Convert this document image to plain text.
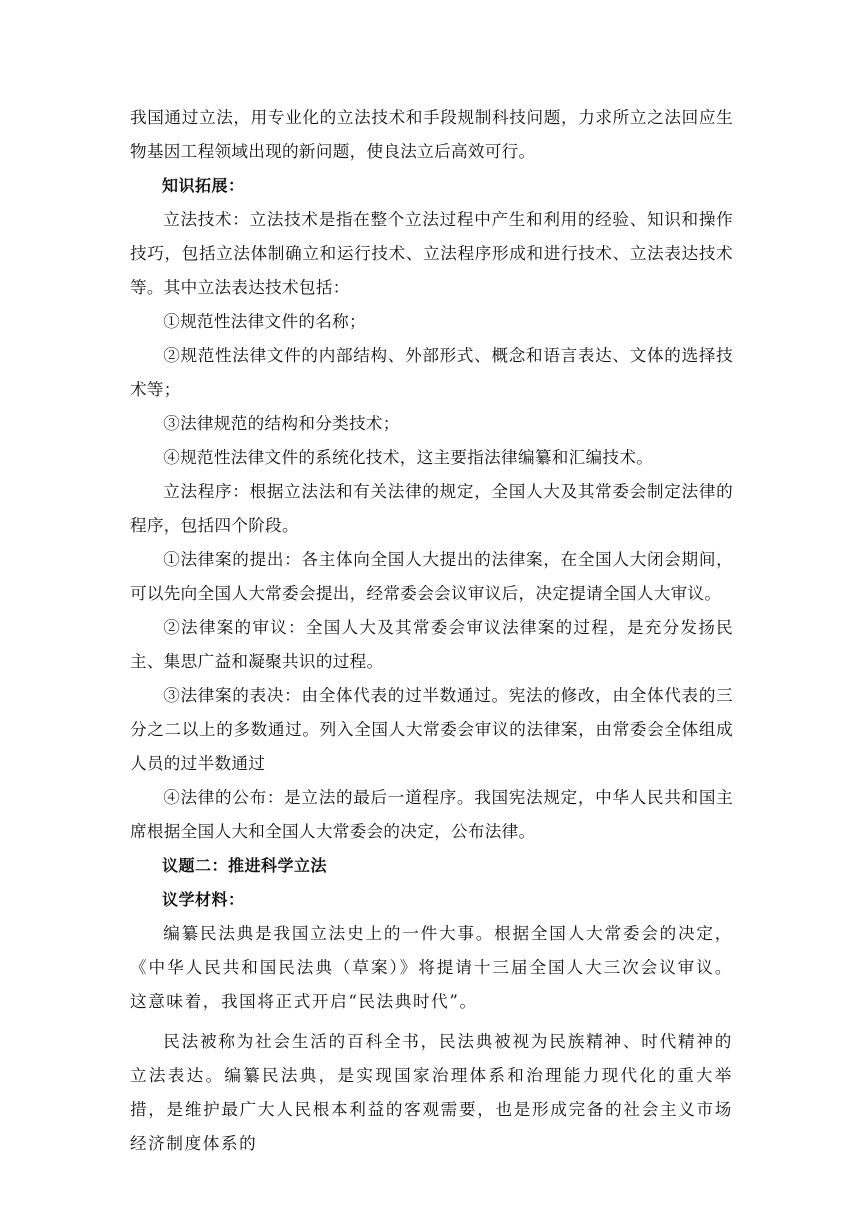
我国通过立法，用专业化的立法技术和手段规制科技问题，力求所立之法回应生物基因工程领域出现的新问题，使良法立后高效可行。

知识拓展：

立法技术：立法技术是指在整个立法过程中产生和利用的经验、知识和操作技巧，包括立法体制确立和运行技术、立法程序形成和进行技术、立法表达技术等。其中立法表达技术包括：

①规范性法律文件的名称；

②规范性法律文件的内部结构、外部形式、概念和语言表达、文体的选择技术等；

③法律规范的结构和分类技术；

④规范性法律文件的系统化技术，这主要指法律编纂和汇编技术。

立法程序：根据立法法和有关法律的规定，全国人大及其常委会制定法律的程序，包括四个阶段。

①法律案的提出：各主体向全国人大提出的法律案，在全国人大闭会期间，可以先向全国人大常委会提出，经常委会会议审议后，决定提请全国人大审议。

②法律案的审议：全国人大及其常委会审议法律案的过程，是充分发扬民主、集思广益和凝聚共识的过程。

③法律案的表决：由全体代表的过半数通过。宪法的修改，由全体代表的三分之二以上的多数通过。列入全国人大常委会审议的法律案，由常委会全体组成人员的过半数通过

④法律的公布：是立法的最后一道程序。我国宪法规定，中华人民共和国主席根据全国人大和全国人大常委会的决定，公布法律。

议题二：推进科学立法

议学材料：

编纂民法典是我国立法史上的一件大事。根据全国人大常委会的决定，《中华人民共和国民法典（草案）》将提请十三届全国人大三次会议审议。这意味着，我国将正式开启“民法典时代”。

民法被称为社会生活的百科全书，民法典被视为民族精神、时代精神的立法表达。编纂民法典，是实现国家治理体系和治理能力现代化的重大举措，是维护最广大人民根本利益的客观需要，也是形成完备的社会主义市场经济制度体系的
